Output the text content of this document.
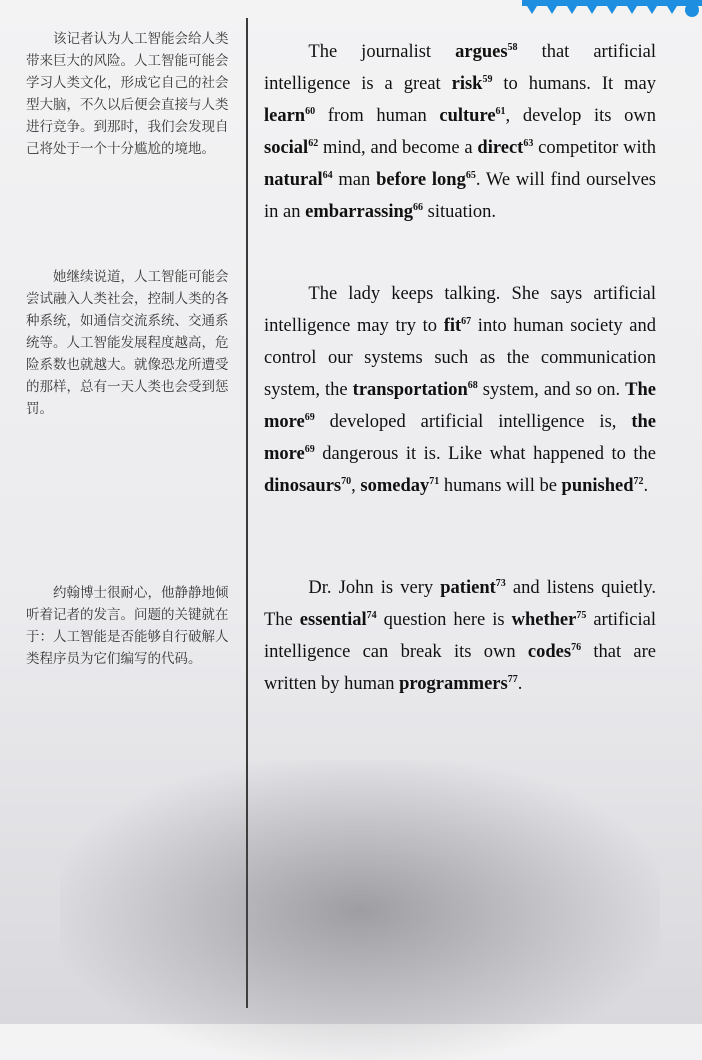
该记者认为人工智能会给人类带来巨大的风险。人工智能可能会学习人类文化，形成它自己的社会型大脑，不久以后便会直接与人类进行竞争。到那时，我们会发现自己将处于一个十分尴尬的境地。

她继续说道，人工智能可能会尝试融入人类社会，控制人类的各种系统，如通信交流系统、交通系统等。人工智能发展程度越高，危险系数也就越大。就像恐龙所遭受的那样，总有一天人类也会受到惩罚。

约翰博士很耐心，他静静地倾听着记者的发言。问题的关键就在于：人工智能是否能够自行破解人类程序员为它们编写的代码。

The journalist argues$^{58}$ that artificial intelligence is a great risk$^{59}$ to humans. It may learn$^{60}$ from human culture$^{61}$, develop its own social$^{62}$ mind, and become a direct$^{63}$ competitor with natural$^{64}$ man before long$^{65}$. We will find ourselves in an embarrassing$^{66}$ situation.

The lady keeps talking. She says artificial intelligence may try to fit$^{67}$ into human society and control our systems such as the communication system, the transportation$^{68}$ system, and so on. The more$^{69}$ developed artificial intelligence is, the more$^{69}$ dangerous it is. Like what happened to the dinosaurs$^{70}$, someday$^{71}$ humans will be punished$^{72}$.

Dr. John is very patient$^{73}$ and listens quietly. The essential$^{74}$ question here is whether$^{75}$ artificial intelligence can break its own codes$^{76}$ that are written by human programmers$^{77}$.
